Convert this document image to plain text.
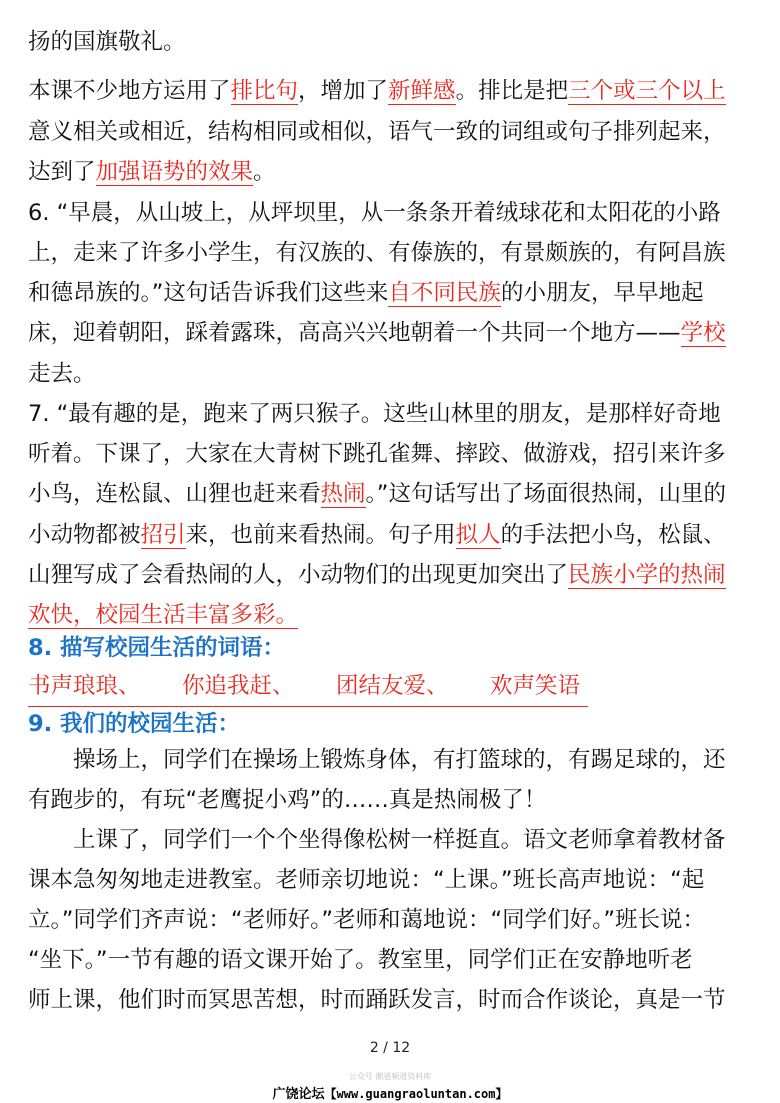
扬的国旗敬礼。
本课不少地方运用了排比句，增加了新鲜感。排比是把三个或三个以上
意义相关或相近，结构相同或相似，语气一致的词组或句子排列起来，
达到了加强语势的效果。
6. “早晨，从山坡上，从坪坝里，从一条条开着绒球花和太阳花的小路
上，走来了许多小学生，有汉族的、有傣族的，有景颇族的，有阿昌族
和德昂族的。”这句话告诉我们这些来自不同民族的小朋友，早早地起
床，迎着朝阳，踩着露珠，高高兴兴地朝着一个共同一个地方——学校
走去。
7. “最有趣的是，跑来了两只猴子。这些山林里的朋友，是那样好奇地
听着。下课了，大家在大青树下跳孔雀舞、摔跤、做游戏，招引来许多
小鸟，连松鼠、山狸也赶来看热闹。”这句话写出了场面很热闹，山里的
小动物都被招引来，也前来看热闹。句子用拟人的手法把小鸟，松鼠、
山狸写成了会看热闹的人，小动物们的出现更加突出了民族小学的热闹
欢快，校园生活丰富多彩。
8. 描写校园生活的词语：
书声琅琅、 你追我赶、 团结友爱、 欢声笑语
9. 我们的校园生活：
操场上，同学们在操场上锻炼身体，有打篮球的，有踢足球的，还
有跑步的，有玩“老鹰捉小鸡”的……真是热闹极了！
上课了，同学们一个个坐得像松树一样挺直。语文老师拿着教材备
课本急匆匆地走进教室。老师亲切地说：“上课。”班长高声地说：“起
立。”同学们齐声说：“老师好。”老师和蔼地说：“同学们好。”班长说：
“坐下。”一节有趣的语文课开始了。教室里，同学们正在安静地听老
师上课，他们时而冥思苦想，时而踊跃发言，时而合作谈论，真是一节
2 / 12
公众号 潮爸频道资料库
广饶论坛【www.guangraoluntan.com】
